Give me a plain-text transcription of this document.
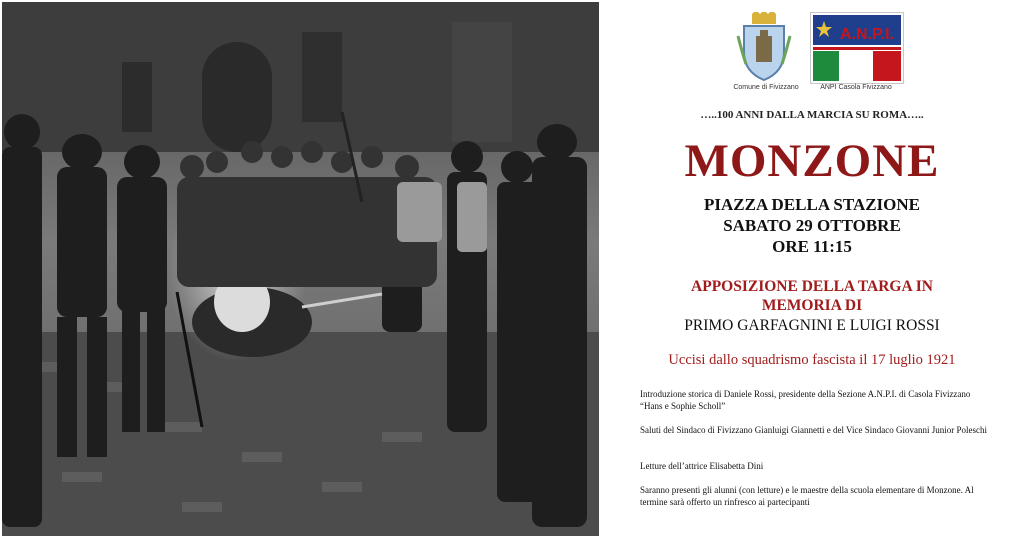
Comune di Fivizzano
A.N.P.I.
ANPI Casola Fivizzano
…..100 ANNI DALLA MARCIA SU ROMA…..
MONZONE
PIAZZA DELLA STAZIONE
SABATO 29 OTTOBRE
ORE 11:15
APPOSIZIONE DELLA TARGA IN
MEMORIA DI
PRIMO GARFAGNINI E LUIGI ROSSI
Uccisi dallo squadrismo fascista il 17 luglio 1921

Introduzione storica di Daniele Rossi, presidente della Sezione A.N.P.I. di Casola Fivizzano “Hans e Sophie Scholl”

Saluti del Sindaco di Fivizzano Gianluigi Giannetti e del Vice Sindaco Giovanni Junior Poleschi

Letture dell’attrice Elisabetta Dini

Saranno presenti gli alunni (con letture) e le maestre della scuola elementare di Monzone. Al termine sarà offerto un rinfresco ai partecipanti
